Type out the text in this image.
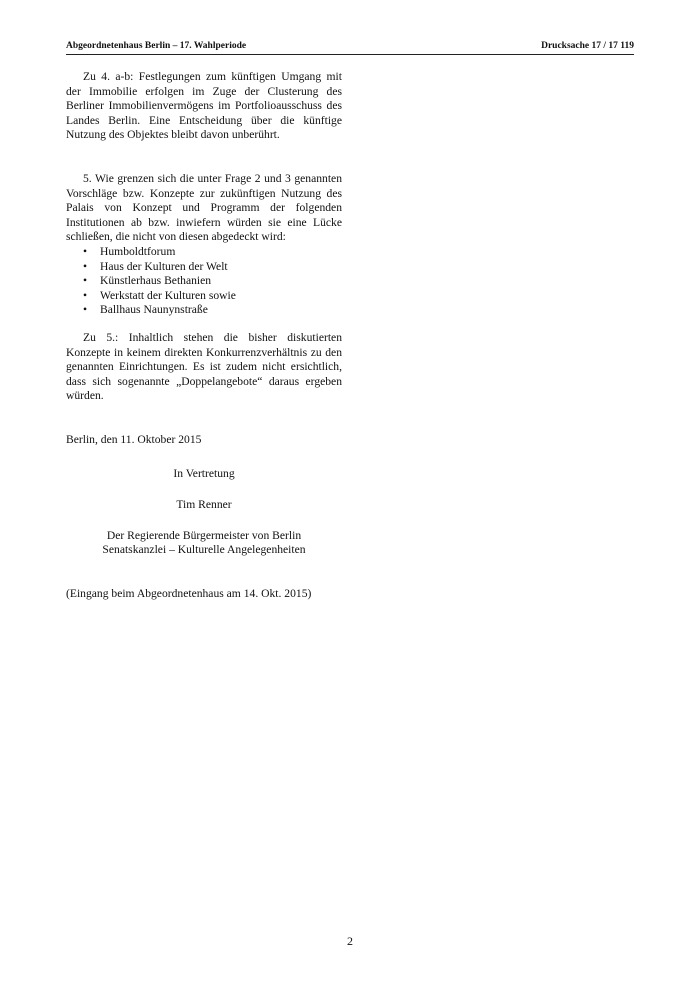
Abgeordnetenhaus Berlin – 17. Wahlperiode	Drucksache 17 / 17 119

Zu 4. a-b: Festlegungen zum künftigen Umgang mit der Immobilie erfolgen im Zuge der Clusterung des Berliner Immobilienvermögens im Portfolioausschuss des Landes Berlin. Eine Entscheidung über die künftige Nutzung des Objektes bleibt davon unberührt.

5. Wie grenzen sich die unter Frage 2 und 3 genannten Vorschläge bzw. Konzepte zur zukünftigen Nutzung des Palais von Konzept und Programm der folgenden Institutionen ab bzw. inwiefern würden sie eine Lücke schließen, die nicht von diesen abgedeckt wird:

• Humboldtforum
• Haus der Kulturen der Welt
• Künstlerhaus Bethanien
• Werkstatt der Kulturen sowie
• Ballhaus Naunynstraße

Zu 5.: Inhaltlich stehen die bisher diskutierten Konzepte in keinem direkten Konkurrenzverhältnis zu den genannten Einrichtungen. Es ist zudem nicht ersichtlich, dass sich sogenannte „Doppelangebote“ daraus ergeben würden.

Berlin, den 11. Oktober 2015

In Vertretung

Tim Renner

Der Regierende Bürgermeister von Berlin

Senatskanzlei – Kulturelle Angelegenheiten

(Eingang beim Abgeordnetenhaus am 14. Okt. 2015)

2
